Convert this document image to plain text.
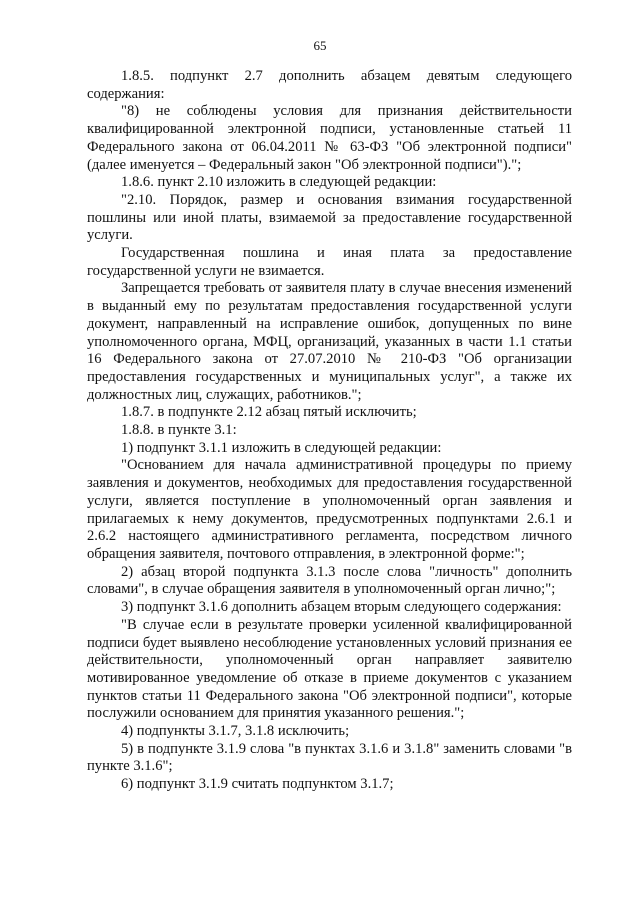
65

1.8.5. подпункт 2.7 дополнить абзацем девятым следующего содержания:

"8) не соблюдены условия для признания действительности квалифицированной электронной подписи, установленные статьей 11 Федерального закона от 06.04.2011 № 63-ФЗ "Об электронной подписи" (далее именуется – Федеральный закон "Об электронной подписи").";

1.8.6. пункт 2.10 изложить в следующей редакции:

"2.10. Порядок, размер и основания взимания государственной пошлины или иной платы, взимаемой за предоставление государственной услуги.

Государственная пошлина и иная плата за предоставление государственной услуги не взимается.

Запрещается требовать от заявителя плату в случае внесения изменений в выданный ему по результатам предоставления государственной услуги документ, направленный на исправление ошибок, допущенных по вине уполномоченного органа, МФЦ, организаций, указанных в части 1.1 статьи 16 Федерального закона от 27.07.2010 № 210-ФЗ "Об организации предоставления государственных и муниципальных услуг", а также их должностных лиц, служащих, работников.";

1.8.7. в подпункте 2.12 абзац пятый исключить;

1.8.8. в пункте 3.1:

1) подпункт 3.1.1 изложить в следующей редакции:

"Основанием для начала административной процедуры по приему заявления и документов, необходимых для предоставления государственной услуги, является поступление в уполномоченный орган заявления и прилагаемых к нему документов, предусмотренных подпунктами 2.6.1 и 2.6.2 настоящего административного регламента, посредством личного обращения заявителя, почтового отправления, в электронной форме:";

2) абзац второй подпункта 3.1.3 после слова "личность" дополнить словами", в случае обращения заявителя в уполномоченный орган лично;";

3) подпункт 3.1.6 дополнить абзацем вторым следующего содержания:

"В случае если в результате проверки усиленной квалифицированной подписи будет выявлено несоблюдение установленных условий признания ее действительности, уполномоченный орган направляет заявителю мотивированное уведомление об отказе в приеме документов с указанием пунктов статьи 11 Федерального закона "Об электронной подписи", которые послужили основанием для принятия указанного решения.";

4) подпункты 3.1.7, 3.1.8 исключить;

5) в подпункте 3.1.9 слова "в пунктах 3.1.6 и 3.1.8" заменить словами "в пункте 3.1.6";

6) подпункт 3.1.9 считать подпунктом 3.1.7;
